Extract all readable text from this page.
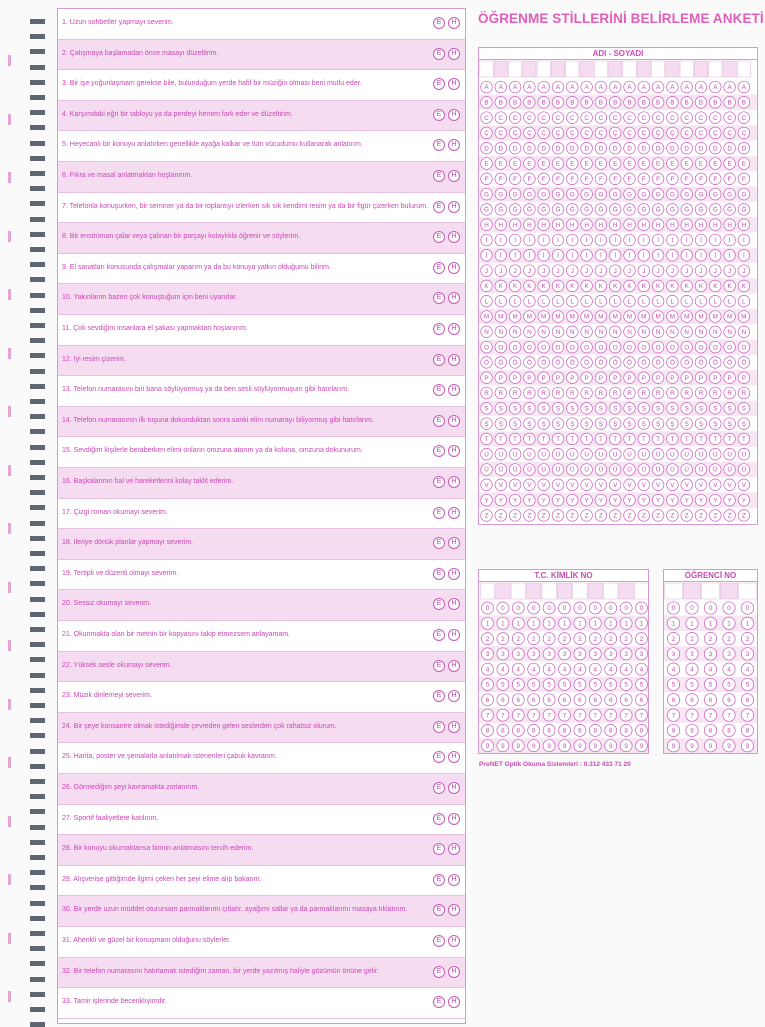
1. Uzun sohbetler yapmayı severim.	E	H
2. Çalışmaya başlamadan önce masayı düzeltirim.	E	H
3. Bir işe yoğunlaşmam gerekse bile, bulunduğum yerde hafif bir müziğin olması beni mutlu eder.	E	H
4. Karşımdaki eğri bir tabloyu ya da perdeyi hemen fark eder ve düzeltirim.	E	H
5. Heyecanlı bir konuyu anlatırken genellikle ayağa kalkar ve tüm vücudumu kullanarak anlatırım.	E	H
6. Fıkra ve masal anlatmaktan hoşlanırım.	E	H
7. Telefonla konuşurken, bir seminer ya da bir toplantıyı izlerken sık sık kendimi resim ya da bir figür çizerken bulurum.	E	H
8. Bir enstrüman çalar veya çalınan bir parçayı kolaylıkla öğrenir ve söylerim.	E	H
9. El sanatları konusunda çalışmalar yaparım ya da bu konuya yatkın olduğumu bilirim.	E	H
10. Yakınlarım bazen çok konuştuğum için beni uyarırlar.	E	H
11. Çok sevdiğim insanlara el şakası yapmaktan hoşlanırım.	E	H
12. İyi resim çizerim.	E	H
13. Telefon numarasını biri bana söylüyormuş ya da ben sesli söylüyormuşum gibi hatırlarım.	E	H
14. Telefon numarasının ilk tuşuna dokunduktan sonra sanki elim numarayı biliyormuş gibi hatırlarım.	E	H
15. Sevdiğim kişilerle beraberken elimi onların omzuna atarım ya da koluna, omzuna dokunurum.	E	H
16. Başkalarının hal ve hareketlerini kolay taklit ederim.	E	H
17. Çizgi roman okumayı severim.	E	H
18. İleriye dönük planlar yapmayı severim.	E	H
19. Tertipli ve düzenli olmayı severim.	E	H
20. Sessiz okumayı severim.	E	H
21. Okunmakta olan bir metnin bir kopyasını takip etmezsem anlayamam.	E	H
22. Yüksek sesle okumayı severim.	E	H
23. Müzik dinlemeyi severim.	E	H
24. Bir şeye konsantre olmak istediğimde çevreden gelen seslerden çok rahatsız olurum.	E	H
25. Harita, poster ve şemalarla anlatılmak istenenleri çabuk kavrarım.	E	H
26. Görmediğim şeyi kavramakta zorlanırım.	E	H
27. Sportif faaliyetlere katılırım.	E	H
28. Bir konuyu okumaktansa birinin anlatmasını tercih ederim.	E	H
29. Alışverişe gittiğimde ilgimi çeken her şeyi elime alıp bakarım.	E	H
30. Bir yerde uzun müddet oturursam parmaklarımı çıtlatır, ayağımı sallar ya da parmaklarımı masaya tıklatırım.	E	H
31. Ahenkli ve güzel bir konuşmam olduğunu söylerler.	E	H
32. Bir telefon numarasını hatırlamak istediğim zaman, bir yerde yazılmış haliyle gözümün önüne gelir.	E	H
33. Tamir işlerinde beceriklıyimdir.	E	H
ÖĞRENME STİLLERİNİ BELİRLEME ANKETİ
ADI - SOYADI
A A A A A A A A A A A A A A A A A A A
B B B B B B B B B B B B B B B B B B B
C C C C C C C C C C C C C C C C C C C
Ç Ç Ç Ç Ç Ç Ç Ç Ç Ç Ç Ç Ç Ç Ç Ç Ç Ç Ç
D D D D D D D D D D D D D D D D D D D
E E E E E E E E E E E E E E E E E E E
F F F F F F F F F F F F F F F F F F F
G G G G G G G G G G G G G G G G G G G
Ğ Ğ Ğ Ğ Ğ Ğ Ğ Ğ Ğ Ğ Ğ Ğ Ğ Ğ Ğ Ğ Ğ Ğ Ğ
H H H H H H H H H H H H H H H H H H H
I I I I I I I I I I I I I I I I I I I
İ İ İ İ İ İ İ İ İ İ İ İ İ İ İ İ İ İ İ
J J J J J J J J J J J J J J J J J J J
K K K K K K K K K K K K K K K K K K K
L L L L L L L L L L L L L L L L L L L
M M M M M M M M M M M M M M M M M M M
N N N N N N N N N N N N N N N N N N N
O O O O O O O O O O O O O O O O O O O
Ö Ö Ö Ö Ö Ö Ö Ö Ö Ö Ö Ö Ö Ö Ö Ö Ö Ö Ö
P P P P P P P P P P P P P P P P P P P
R R R R R R R R R R R R R R R R R R R
S S S S S S S S S S S S S S S S S S S
Ş Ş Ş Ş Ş Ş Ş Ş Ş Ş Ş Ş Ş Ş Ş Ş Ş Ş Ş
T T T T T T T T T T T T T T T T T T T
U U U U U U U U U U U U U U U U U U U
Ü Ü Ü Ü Ü Ü Ü Ü Ü Ü Ü Ü Ü Ü Ü Ü Ü Ü Ü
V V V V V V V V V V V V V V V V V V V
Y Y Y Y Y Y Y Y Y Y Y Y Y Y Y Y Y Y Y
Z Z Z Z Z Z Z Z Z Z Z Z Z Z Z Z Z Z Z
T.C. KİMLİK NO
0 0 0 0 0 0 0 0 0 0 0
1 1 1 1 1 1 1 1 1 1 1
2 2 2 2 2 2 2 2 2 2 2
3 3 3 3 3 3 3 3 3 3 3
4 4 4 4 4 4 4 4 4 4 4
5 5 5 5 5 5 5 5 5 5 5
6 6 6 6 6 6 6 6 6 6 6
7 7 7 7 7 7 7 7 7 7 7
8 8 8 8 8 8 8 8 8 8 8
9 9 9 9 9 9 9 9 9 9 9
ÖĞRENCİ NO
0 0 0 0 0
1 1 1 1 1
2 2 2 2 2
3 3 3 3 3
4 4 4 4 4
5 5 5 5 5
6 6 6 6 6
7 7 7 7 7
8 8 8 8 8
9 9 9 9 9
ProNET Optik Okuma Sistemleri : 0.312 433 71 20
